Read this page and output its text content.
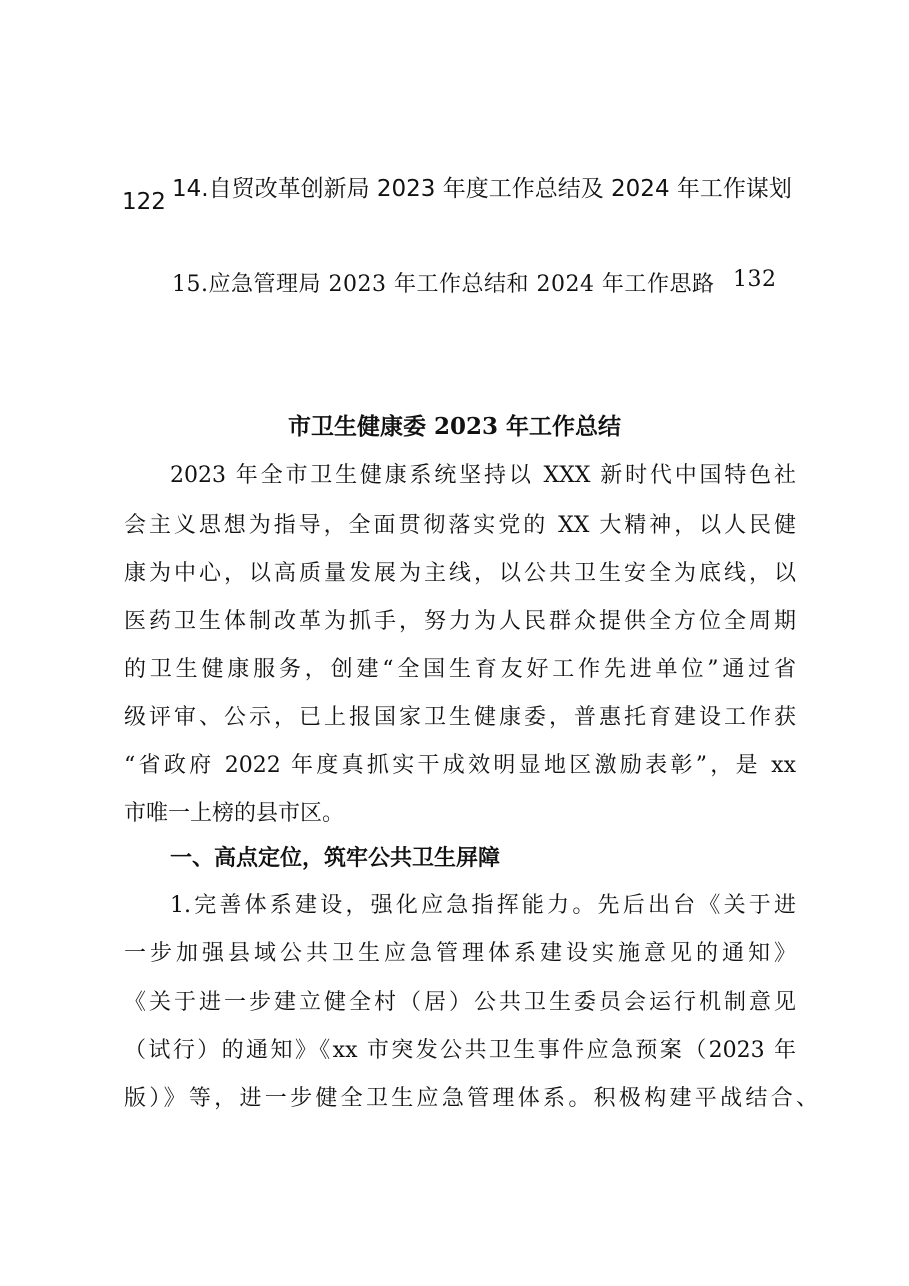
14.自贸改革创新局 2023 年度工作总结及 2024 年工作谋划
122
15.应急管理局 2023 年工作总结和 2024 年工作思路 132
市卫生健康委 2023 年工作总结
2023 年全市卫生健康系统坚持以 XXX 新时代中国特色社
会主义思想为指导，全面贯彻落实党的 XX 大精神，以人民健
康为中心，以高质量发展为主线，以公共卫生安全为底线，以
医药卫生体制改革为抓手，努力为人民群众提供全方位全周期
的卫生健康服务，创建“全国生育友好工作先进单位”通过省
级评审、公示，已上报国家卫生健康委，普惠托育建设工作获
“省政府 2022 年度真抓实干成效明显地区激励表彰”，是 xx
市唯一上榜的县市区。
一、高点定位，筑牢公共卫生屏障
1.完善体系建设，强化应急指挥能力。先后出台《关于进
一步加强县域公共卫生应急管理体系建设实施意见的通知》
《关于进一步建立健全村（居）公共卫生委员会运行机制意见
（试行）的通知》《xx 市突发公共卫生事件应急预案（2023 年
版）》等，进一步健全卫生应急管理体系。积极构建平战结合、
